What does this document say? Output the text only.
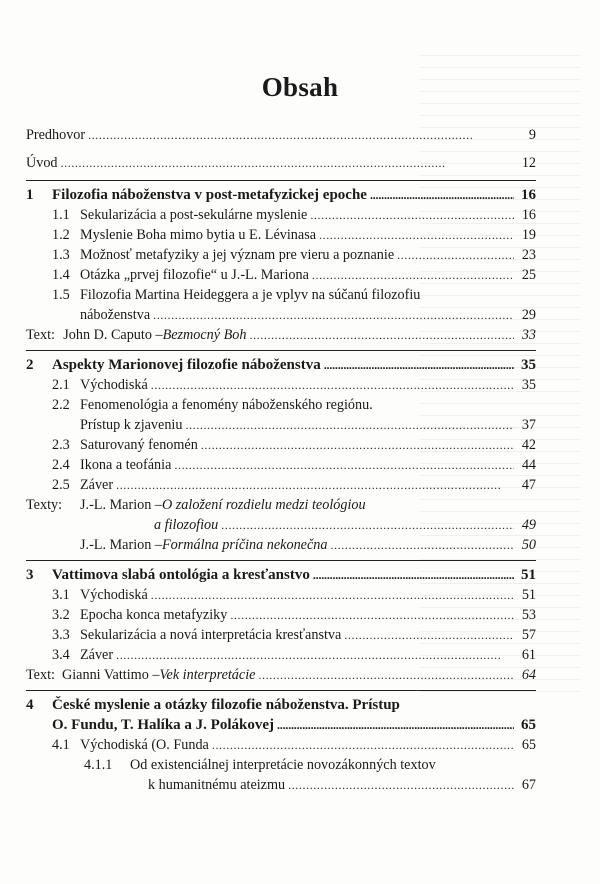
Obsah
Predhovor . . .	9
Úvod . . .	12
1	Filozofia náboženstva v post-metafyzickej epoche . . .	16
1.1 Sekularizácia a post-sekulárne myslenie . . .	16
1.2 Myslenie Boha mimo bytia u E. Lévinasa . . .	19
1.3 Možnosť metafyziky a jej význam pre vieru a poznanie . . .	23
1.4 Otázka „prvej filozofie“ u J.-L. Mariona . . .	25
1.5 Filozofia Martina Heideggera a je vplyv na súčanú filozofiu
náboženstva . . .	29
Text: John D. Caputo – Bezmocný Boh . . .	33
2	Aspekty Marionovej filozofie náboženstva . . .	35
2.1 Východiská . . .	35
2.2 Fenomenológia a fenomény náboženského regiónu.
Prístup k zjaveniu . . .	37
2.3 Saturovaný fenomén . . .	42
2.4 Ikona a teofánia . . .	44
2.5 Záver . . .	47
Texty:	J.-L. Marion – O založení rozdielu medzi teológiou
a filozofiou . . .	49
J.-L. Marion – Formálna príčina nekonečna . . .	50
3	Vattimova slabá ontológia a kresťanstvo . . .	51
3.1 Východiská . . .	51
3.2 Epocha konca metafyziky . . .	53
3.3 Sekularizácia a nová interpretácia kresťanstva . . .	57
3.4 Záver . . .	61
Text: Gianni Vattimo – Vek interpretácie . . .	64
4	České myslenie a otázky filozofie náboženstva. Prístup
O. Fundu, T. Halíka a J. Polákovej . . .	65
4.1 Východiská (O. Funda . . .	65
4.1.1	Od existenciálnej interpretácie novozákonných textov
k humanitnému ateizmu . . .	67
